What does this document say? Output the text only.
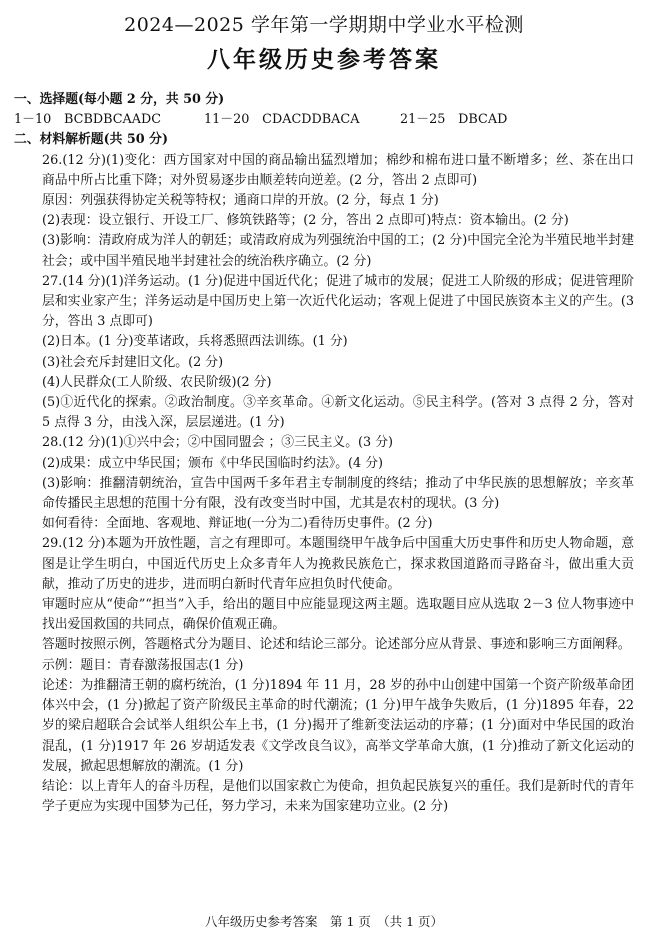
2024—2025 学年第一学期期中学业水平检测
八年级历史参考答案
一、选择题(每小题 2 分，共 50 分)
1－10　BCBDBCAADC	11－20　CDACDDBACA	21－25　DBCAD
二、材料解析题(共 50 分)

26.(12 分)(1)变化：西方国家对中国的商品输出猛烈增加；棉纱和棉布进口量不断增多；丝、茶在出口商品中所占比重下降；对外贸易逐步由顺差转向逆差。(2 分，答出 2 点即可)

原因：列强获得协定关税等特权；通商口岸的开放。(2 分，每点 1 分)

(2)表现：设立银行、开设工厂、修筑铁路等；(2 分，答出 2 点即可)特点：资本输出。(2 分)

(3)影响：清政府成为洋人的朝廷；或清政府成为列强统治中国的工；(2 分)中国完全沦为半殖民地半封建社会；或中国半殖民地半封建社会的统治秩序确立。(2 分)

27.(14 分)(1)洋务运动。(1 分)促进中国近代化；促进了城市的发展；促进工人阶级的形成；促进管理阶层和实业家产生；洋务运动是中国历史上第一次近代化运动；客观上促进了中国民族资本主义的产生。(3 分，答出 3 点即可)

(2)日本。(1 分)变革诸政，兵将悉照西法训练。(1 分)

(3)社会充斥封建旧文化。(2 分)

(4)人民群众(工人阶级、农民阶级)(2 分)

(5)①近代化的探索。②政治制度。③辛亥革命。④新文化运动。⑤民主科学。(答对 3 点得 2 分，答对 5 点得 3 分，由浅入深，层层递进。(1 分)

28.(12 分)(1)①兴中会；②中国同盟会 ；③三民主义。(3 分)

(2)成果：成立中华民国；颁布《中华民国临时约法》。(4 分)

(3)影响：推翻清朝统治，宣告中国两千多年君主专制制度的终结；推动了中华民族的思想解放；辛亥革命传播民主思想的范围十分有限，没有改变当时中国，尤其是农村的现状。(3 分)

如何看待：全面地、客观地、辩证地(一分为二)看待历史事件。(2 分)

29.(12 分)本题为开放性题，言之有理即可。本题围绕甲午战争后中国重大历史事件和历史人物命题，意图是让学生明白，中国近代历史上众多青年人为挽救民族危亡，探求救国道路而寻路奋斗，做出重大贡献，推动了历史的进步，进而明白新时代青年应担负时代使命。

审题时应从“使命”“担当”入手，给出的题目中应能显现这两主题。选取题目应从选取 2－3 位人物事迹中找出爱国救国的共同点，确保价值观正确。

答题时按照示例，答题格式分为题目、论述和结论三部分。论述部分应从背景、事迹和影响三方面阐释。

示例：题目：青春激荡报国志(1 分)

论述：为推翻清王朝的腐朽统治，(1 分)1894 年 11 月，28 岁的孙中山创建中国第一个资产阶级革命团体兴中会，(1 分)掀起了资产阶级民主革命的时代潮流；(1 分)甲午战争失败后，(1 分)1895 年春，22 岁的梁启超联合会试举人组织公车上书，(1 分)揭开了维新变法运动的序幕；(1 分)面对中华民国的政治混乱，(1 分)1917 年 26 岁胡适发表《文学改良刍议》，高举文学革命大旗，(1 分)推动了新文化运动的发展，掀起思想解放的潮流。(1 分)

结论：以上青年人的奋斗历程，是他们以国家救亡为使命，担负起民族复兴的重任。我们是新时代的青年学子更应为实现中国梦为己任，努力学习，未来为国家建功立业。(2 分)

八年级历史参考答案　第 1 页　（共 1 页）
